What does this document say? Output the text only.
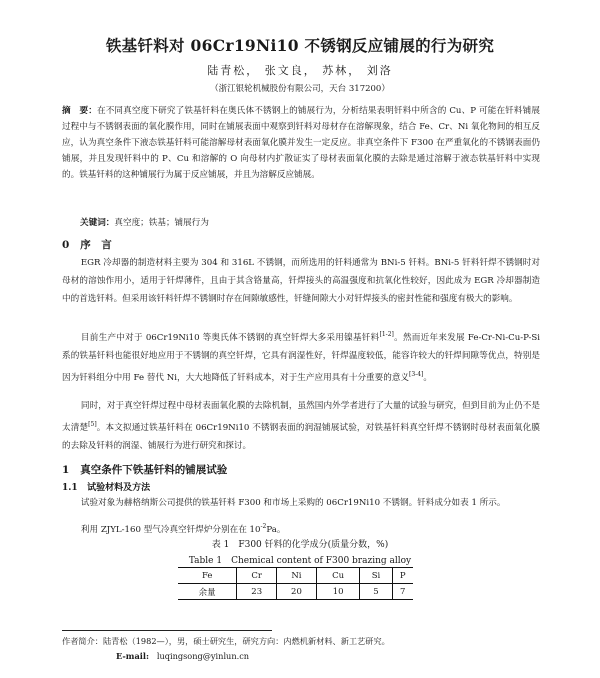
铁基钎料对 06Cr19Ni10 不锈钢反应铺展的行为研究
陆青松， 张文良， 苏林， 刘洛
（浙江银轮机械股份有限公司，天台 317200）
摘　要：在不同真空度下研究了铁基钎料在奥氏体不锈钢上的铺展行为，分析结果表明钎料中所含的 Cu、P 可能在钎料铺展过程中与不锈钢表面的氧化膜作用，同时在铺展表面中观察到钎料对母材存在溶解现象，结合 Fe、Cr、Ni 氧化物间的相互反应，认为真空条件下液态铁基钎料可能溶解母材表面氧化膜并发生一定反应。非真空条件下 F300 在严重氧化的不锈钢表面仍铺展，并且发现钎料中的 P、Cu 和溶解的 O 向母材内扩散证实了母材表面氧化膜的去除是通过溶解于液态铁基钎料中实现的。铁基钎料的这种铺展行为属于反应铺展，并且为溶解反应铺展。
关键词：真空度；铁基；铺展行为
0 序　言

EGR 冷却器的制造材料主要为 304 和 316L 不锈钢，而所选用的钎料通常为 BNi-5 钎料。BNi-5 钎料钎焊不锈钢时对母材的溶蚀作用小，适用于钎焊薄件，且由于其含铬量高，钎焊接头的高温强度和抗氧化性较好，因此成为 EGR 冷却器制造中的首选钎料。但采用该钎料钎焊不锈钢时存在间隙敏感性，钎缝间隙大小对钎焊接头的密封性能和强度有极大的影响。

目前生产中对于 06Cr19Ni10 等奥氏体不锈钢的真空钎焊大多采用镍基钎料[1-2]。然而近年来发展 Fe-Cr-Ni-Cu-P-Si 系的铁基钎料也能很好地应用于不锈钢的真空钎焊，它具有润湿性好，钎焊温度较低，能容许较大的钎焊间隙等优点，特别是因为钎料组分中用 Fe 替代 Ni，大大地降低了钎料成本，对于生产应用具有十分重要的意义[3-4]。

同时，对于真空钎焊过程中母材表面氧化膜的去除机制，虽然国内外学者进行了大量的试验与研究，但到目前为止仍不是太清楚[5]。本文拟通过铁基钎料在 06Cr19Ni10 不锈钢表面的润湿铺展试验，对铁基钎料真空钎焊不锈钢时母材表面氧化膜的去除及钎料的润湿、铺展行为进行研究和探讨。

1 真空条件下铁基钎料的铺展试验
1.1 试验材料及方法

试验对象为赫格纳斯公司提供的铁基钎料 F300 和市场上采购的 06Cr19Ni10 不锈钢。钎料成分如表 1 所示。

利用 ZJYL-160 型气冷真空钎焊炉分别在在 $10^{-2}Pa$。

表 1　F300 钎料的化学成分(质量分数，%)
Table 1　Chemical content of F300 brazing alloy
Fe	Cr	Ni	Cu	Si	P
余量	23	20	10	5	7
作者简介：陆青松（1982—），男，硕士研究生，研究方向：内燃机新材料、新工艺研究。
E-mail: luqingsong@yinlun.cn
